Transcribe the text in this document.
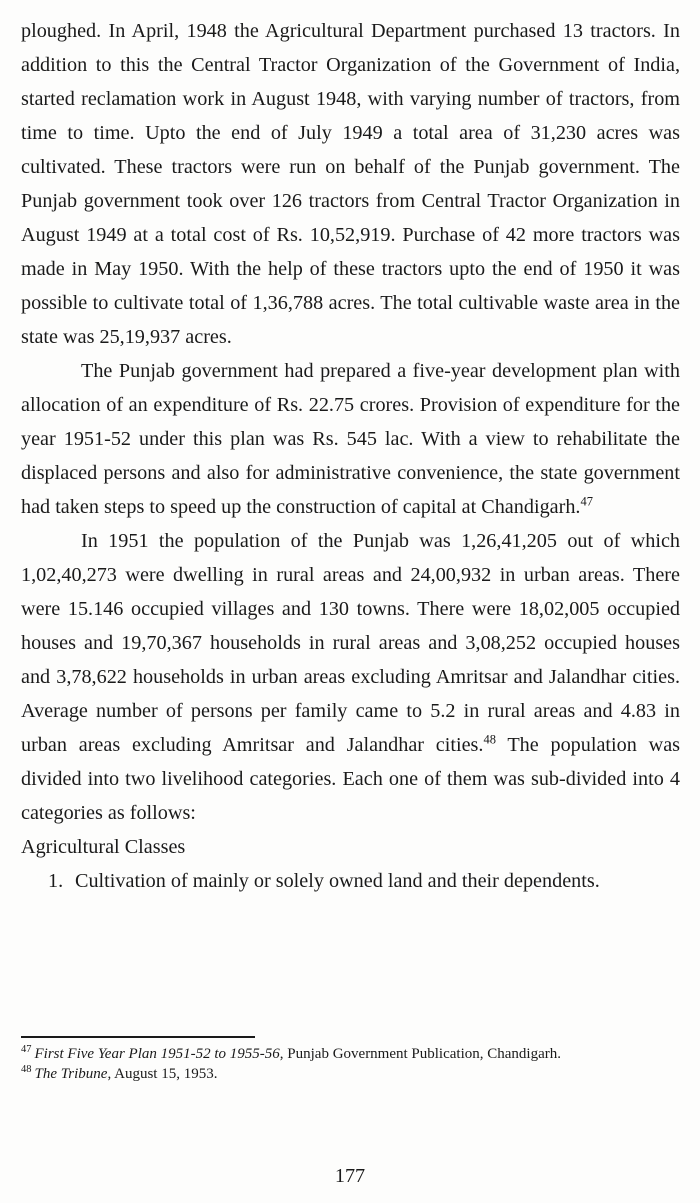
ploughed. In April, 1948 the Agricultural Department purchased 13 tractors. In addition to this the Central Tractor Organization of the Government of India, started reclamation work in August 1948, with varying number of tractors, from time to time. Upto the end of July 1949 a total area of 31,230 acres was cultivated. These tractors were run on behalf of the Punjab government. The Punjab government took over 126 tractors from Central Tractor Organization in August 1949 at a total cost of Rs. 10,52,919. Purchase of 42 more tractors was made in May 1950. With the help of these tractors upto the end of 1950 it was possible to cultivate total of 1,36,788 acres. The total cultivable waste area in the state was 25,19,937 acres.

The Punjab government had prepared a five-year development plan with allocation of an expenditure of Rs. 22.75 crores. Provision of expenditure for the year 1951-52 under this plan was Rs. 545 lac. With a view to rehabilitate the displaced persons and also for administrative convenience, the state government had taken steps to speed up the construction of capital at Chandigarh.$^{47}$

In 1951 the population of the Punjab was 1,26,41,205 out of which 1,02,40,273 were dwelling in rural areas and 24,00,932 in urban areas. There were 15.146 occupied villages and 130 towns. There were 18,02,005 occupied houses and 19,70,367 households in rural areas and 3,08,252 occupied houses and 3,78,622 households in urban areas excluding Amritsar and Jalandhar cities. Average number of persons per family came to 5.2 in rural areas and 4.83 in urban areas excluding Amritsar and Jalandhar cities.$^{48}$ The population was divided into two livelihood categories. Each one of them was sub-divided into 4 categories as follows:

Agricultural Classes

1. Cultivation of mainly or solely owned land and their dependents.

$^{47}$ First Five Year Plan 1951-52 to 1955-56, Punjab Government Publication, Chandigarh.

$^{48}$ The Tribune, August 15, 1953.

177
